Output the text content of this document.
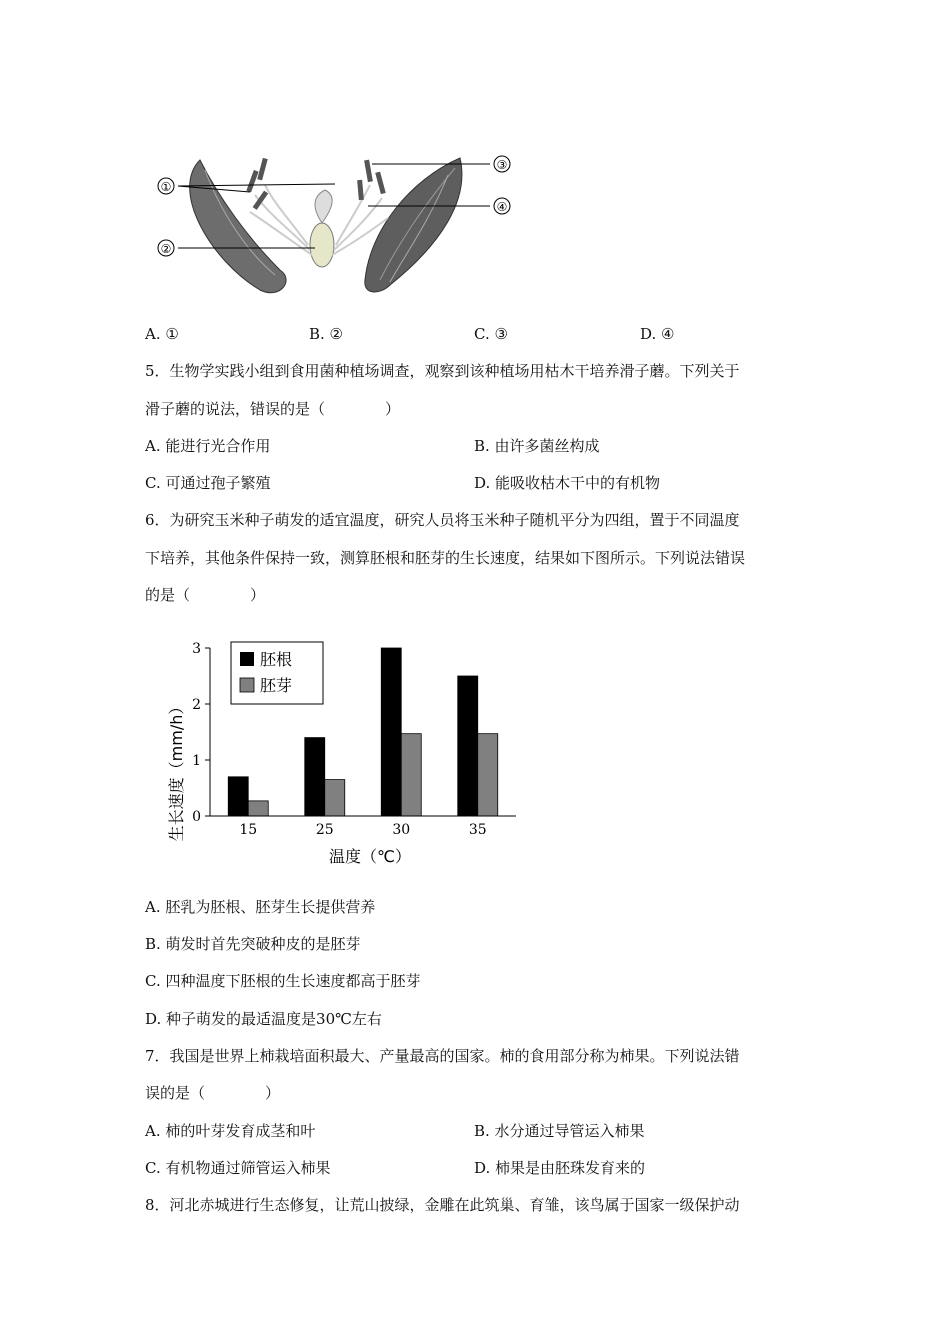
①
②
③
④
A. ①	B. ②	C. ③	D. ④
5．生物学实践小组到食用菌种植场调查，观察到该种植场用枯木干培养滑子蘑。下列关于
滑子蘑的说法，错误的是（　　　　）
A. 能进行光合作用	B. 由许多菌丝构成
C. 可通过孢子繁殖	D. 能吸收枯木干中的有机物
6．为研究玉米种子萌发的适宜温度，研究人员将玉米种子随机平分为四组，置于不同温度
下培养，其他条件保持一致，测算胚根和胚芽的生长速度，结果如下图所示。下列说法错误
的是（　　　　）
0
1
2
3
15	25	30	35
胚根
胚芽
生长速度（mm/h）
温度（℃）
A. 胚乳为胚根、胚芽生长提供营养
B. 萌发时首先突破种皮的是胚芽
C. 四种温度下胚根的生长速度都高于胚芽
D. 种子萌发的最适温度是30℃左右
7．我国是世界上柿栽培面积最大、产量最高的国家。柿的食用部分称为柿果。下列说法错
误的是（　　　　）
A. 柿的叶芽发育成茎和叶	B. 水分通过导管运入柿果
C. 有机物通过筛管运入柿果	D. 柿果是由胚珠发育来的
8．河北赤城进行生态修复，让荒山披绿，金雕在此筑巢、育雏，该鸟属于国家一级保护动
